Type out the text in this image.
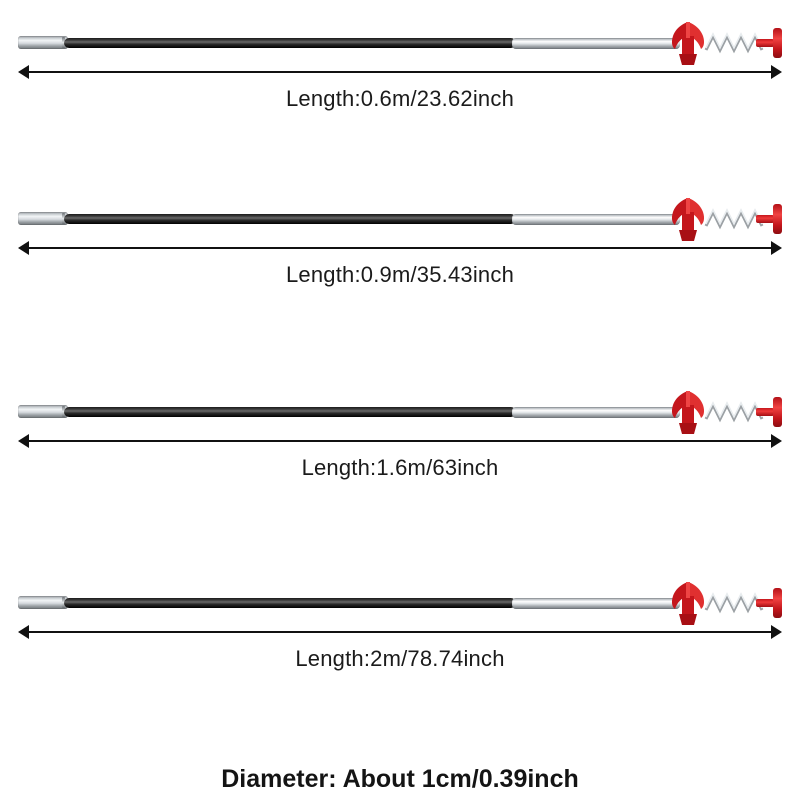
Length:0.6m/23.62inch
Length:0.9m/35.43inch
Length:1.6m/63inch
Length:2m/78.74inch
Diameter: About 1cm/0.39inch
